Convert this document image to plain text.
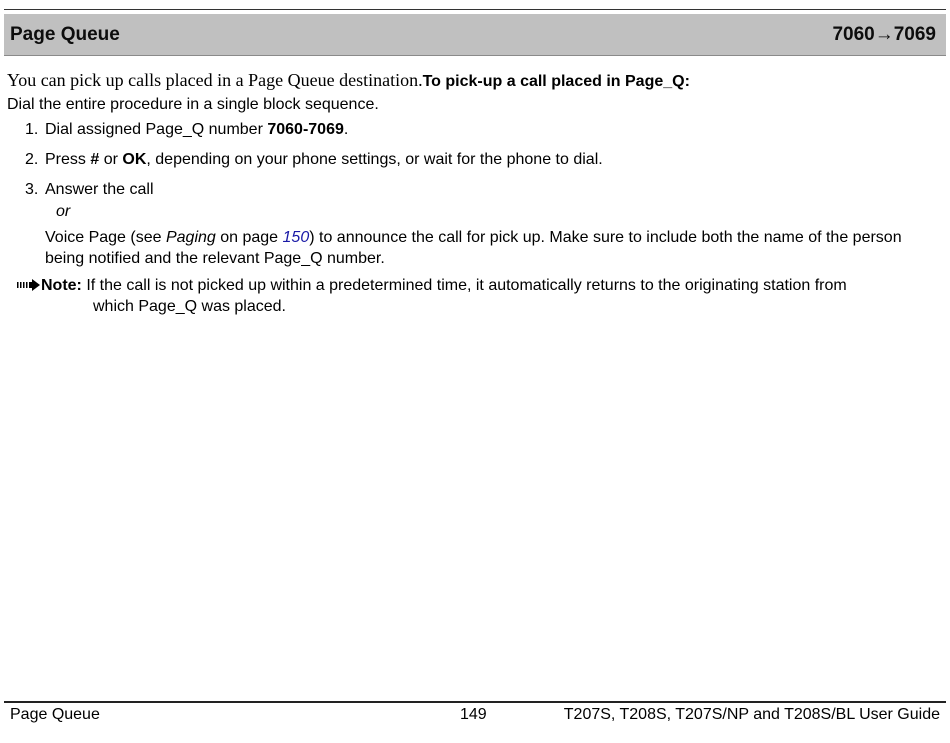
Page Queue	7060→7069

You can pick up calls placed in a Page Queue destination.To pick-up a call placed in Page_Q:

Dial the entire procedure in a single block sequence.

1. Dial assigned Page_Q number 7060-7069.
2. Press # or OK, depending on your phone settings, or wait for the phone to dial.
3. Answer the call
or
Voice Page (see Paging on page 150) to announce the call for pick up. Make sure to include both the name of the person being notified and the relevant Page_Q number.
Note: If the call is not picked up within a predetermined time, it automatically returns to the originating station from
which Page_Q was placed.
Page Queue	149	T207S, T208S, T207S/NP and T208S/BL User Guide
